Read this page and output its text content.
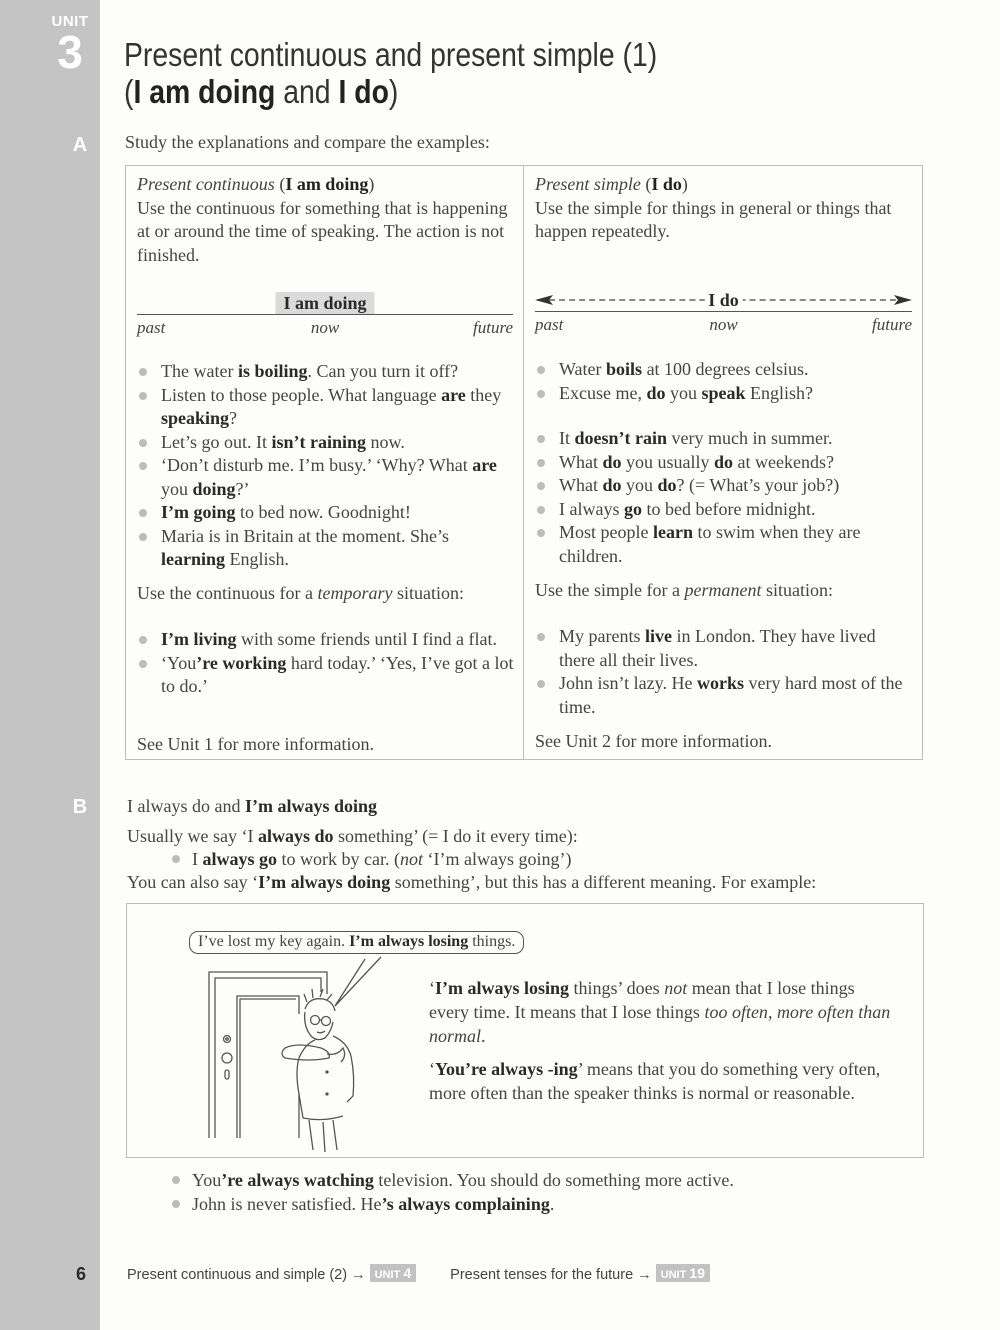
UNIT
3
A
B
6
Present continuous and present simple (1)
(I am doing and I do)
Study the explanations and compare the examples:
Present continuous (I am doing)
Use the continuous for something that is happening at or around the time of speaking. The action is not finished.
I am doing
past	now	future
The water is boiling. Can you turn it off?
Listen to those people. What language are they speaking?
Let’s go out. It isn’t raining now.
‘Don’t disturb me. I’m busy.’ ‘Why? What are you doing?’
I’m going to bed now. Goodnight!
Maria is in Britain at the moment. She’s learning English.
Use the continuous for a temporary situation:
I’m living with some friends until I find a flat.
‘You’re working hard today.’ ‘Yes, I’ve got a lot to do.’
See Unit 1 for more information.
Present simple (I do)
Use the simple for things in general or things that happen repeatedly.
I do
past	now	future
Water boils at 100 degrees celsius.
Excuse me, do you speak English?
It doesn’t rain very much in summer.
What do you usually do at weekends?
What do you do? (= What’s your job?)
I always go to bed before midnight.
Most people learn to swim when they are children.
Use the simple for a permanent situation:
My parents live in London. They have lived there all their lives.
John isn’t lazy. He works very hard most of the time.
See Unit 2 for more information.
I always do and I’m always doing
Usually we say ‘I always do something’ (= I do it every time):
I always go to work by car. (not ‘I’m always going’)
You can also say ‘I’m always doing something’, but this has a different meaning. For example:
I’ve lost my key again. I’m always losing things.

‘I’m always losing things’ does not mean that I lose things every time. It means that I lose things too often, more often than normal.

‘You’re always -ing’ means that you do something very often, more often than the speaker thinks is normal or reasonable.

You’re always watching television. You should do something more active.
John is never satisfied. He’s always complaining.
Present continuous and simple (2) → UNIT 4	Present tenses for the future → UNIT 19
